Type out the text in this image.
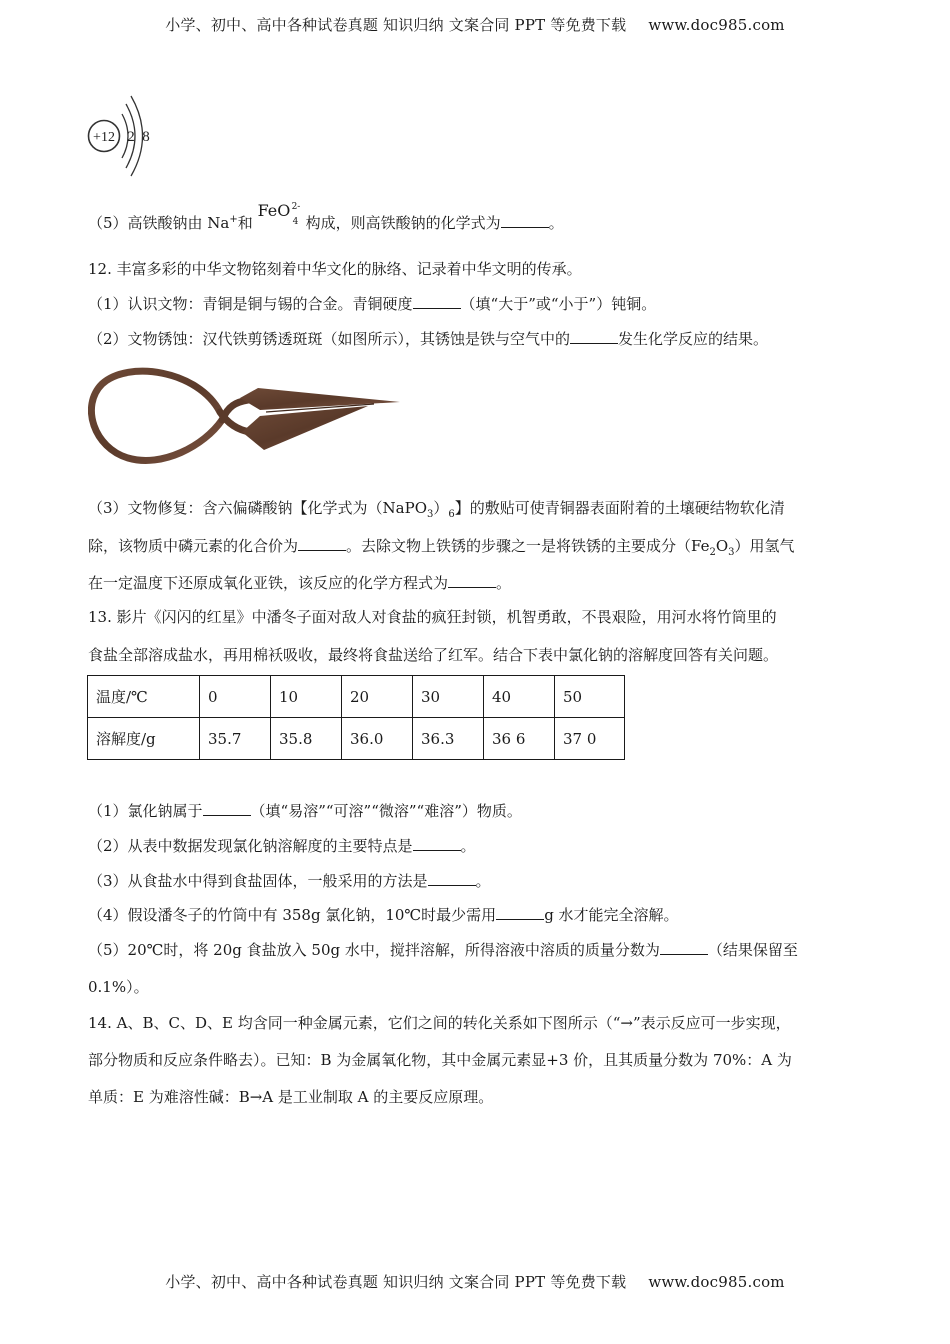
小学、初中、高中各种试卷真题 知识归纳 文案合同 PPT 等免费下载 www.doc985.com
+12 2 8
（5）高铁酸钠由 Na+和 FeO 2-
4 构成，则高铁酸钠的化学式为	。
12. 丰富多彩的中华文物铭刻着中华文化的脉络、记录着中华文明的传承。
（1）认识文物：青铜是铜与锡的合金。青铜硬度	（填“大于”或“小于”）钝铜。
（2）文物锈蚀：汉代铁剪锈透斑斑（如图所示），其锈蚀是铁与空气中的	发生化学反应的结果。
（3）文物修复：含六偏磷酸钠【化学式为$(NaPO_3)_6$】的敷贴可使青铜器表面附着的土壤硬结物软化清
除，该物质中磷元素的化合价为	。去除文物上铁锈的步骤之一是将铁锈的主要成分$(Fe_2O_3)$用氢气
在一定温度下还原成氧化亚铁，该反应的化学方程式为	。
13. 影片《闪闪的红星》中潘冬子面对敌人对食盐的疯狂封锁，机智勇敢，不畏艰险，用河水将竹筒里的
食盐全部溶成盐水，再用棉袄吸收，最终将食盐送给了红军。结合下表中氯化钠的溶解度回答有关问题。
温度/℃	0	10	20	30	40	50
溶解度/g	35.7	35.8	36.0	36.3	36 6	37 0
（1）氯化钠属于	（填“易溶”“可溶”“微溶”“难溶”）物质。
（2）从表中数据发现氯化钠溶解度的主要特点是	。
（3）从食盐水中得到食盐固体，一般采用的方法是	。
（4）假设潘冬子的竹筒中有 358g 氯化钠，10℃时最少需用	g 水才能完全溶解。
（5）20℃时，将 20g 食盐放入 50g 水中，搅拌溶解，所得溶液中溶质的质量分数为	（结果保留至
0.1%）。
14. A、B、C、D、E 均含同一种金属元素，它们之间的转化关系如下图所示（“→”表示反应可一步实现，
部分物质和反应条件略去）。已知：B 为金属氧化物，其中金属元素显+3 价，且其质量分数为 70%：A 为
单质：E 为难溶性碱：B→A 是工业制取 A 的主要反应原理。
小学、初中、高中各种试卷真题 知识归纳 文案合同 PPT 等免费下载 www.doc985.com
